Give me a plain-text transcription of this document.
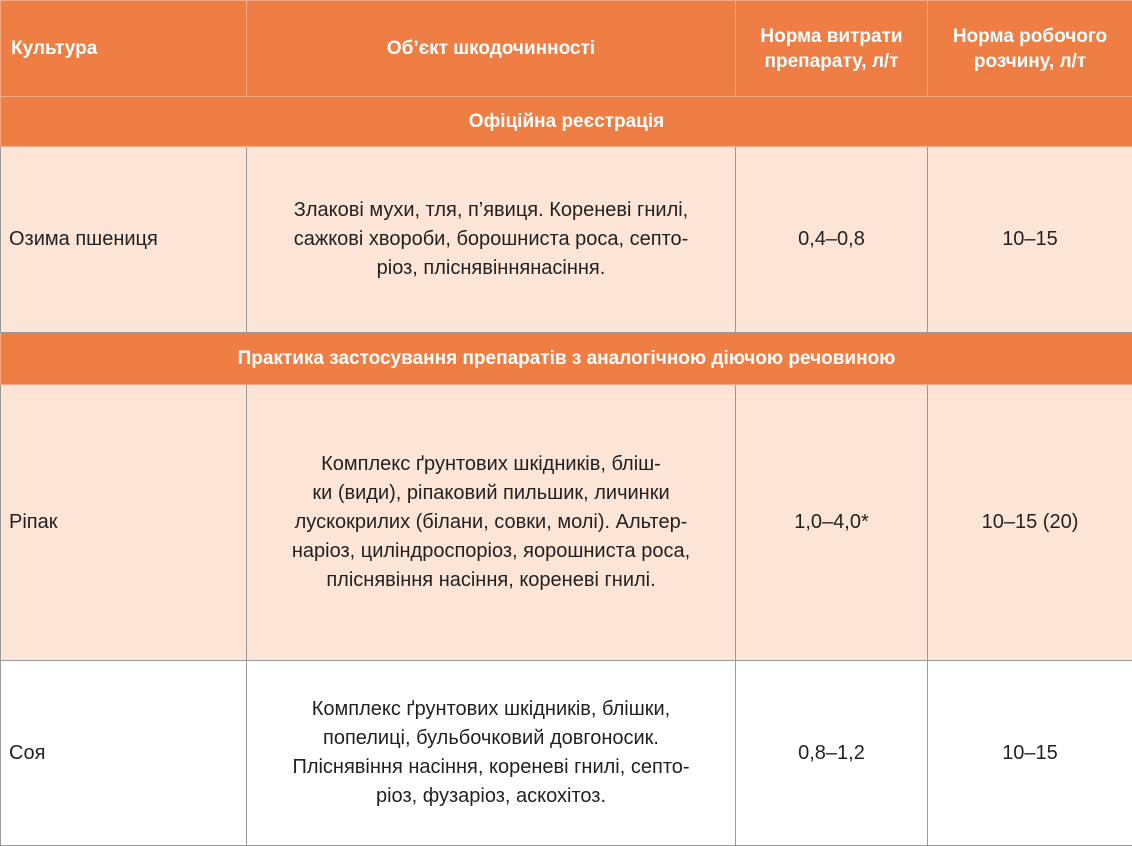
Культура	Об’єкт шкодочинності	Норма витрати препарату, л/т	Норма робочого розчину, л/т
Офіційна реєстрація			
Озима пшениця	Злакові мухи, тля, п’явиця. Кореневі гнилі,
сажкові хвороби, борошниста роса, септо-
ріоз, пліснявіннянасіння.	0,4–0,8	10–15
Практика застосування препаратів з аналогічною діючою речовиною			
Ріпак	Комплекс ґрунтових шкідників, бліш-
ки (види), ріпаковий пильшик, личинки
лускокрилих (білани, совки, молі). Альтер-
наріоз, циліндроспоріоз, яорошниста роса,
пліснявіння насіння, кореневі гнилі.	1,0–4,0*	10–15 (20)
Соя	Комплекс ґрунтових шкідників, блішки,
попелиці, бульбочковий довгоносик.
Пліснявіння насіння, кореневі гнилі, септо-
ріоз, фузаріоз, аскохітоз.	0,8–1,2	10–15
